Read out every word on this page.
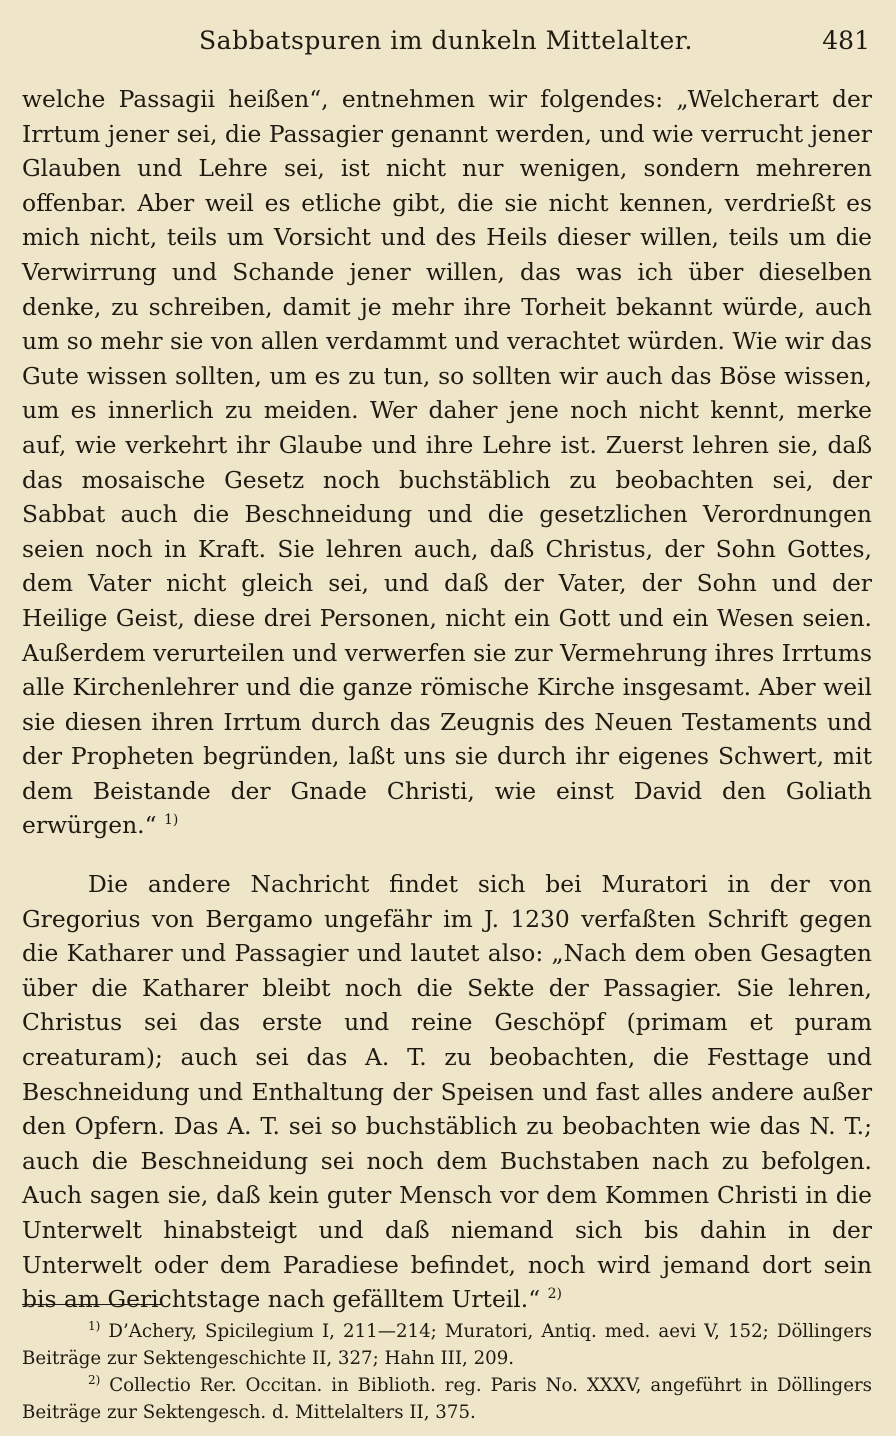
Sabbatspuren im dunkeln Mittelalter.	481

welche Passagii heißen“, entnehmen wir folgendes: „Welcherart der Irrtum jener sei, die Passagier genannt werden, und wie verrucht jener Glauben und Lehre sei, ist nicht nur wenigen, sondern mehreren offenbar. Aber weil es etliche gibt, die sie nicht kennen, verdrießt es mich nicht, teils um Vorsicht und des Heils dieser willen, teils um die Verwirrung und Schande jener willen, das was ich über dieselben denke, zu schreiben, damit je mehr ihre Torheit bekannt würde, auch um so mehr sie von allen verdammt und verachtet würden. Wie wir das Gute wissen sollten, um es zu tun, so sollten wir auch das Böse wissen, um es innerlich zu meiden. Wer daher jene noch nicht kennt, merke auf, wie verkehrt ihr Glaube und ihre Lehre ist. Zuerst lehren sie, daß das mosaische Gesetz noch buchstäblich zu beobachten sei, der Sabbat auch die Beschneidung und die gesetzlichen Verordnungen seien noch in Kraft. Sie lehren auch, daß Christus, der Sohn Gottes, dem Vater nicht gleich sei, und daß der Vater, der Sohn und der Heilige Geist, diese drei Personen, nicht ein Gott und ein Wesen seien. Außerdem verurteilen und verwerfen sie zur Vermehrung ihres Irrtums alle Kirchenlehrer und die ganze römische Kirche insgesamt. Aber weil sie diesen ihren Irrtum durch das Zeugnis des Neuen Testaments und der Propheten begründen, laßt uns sie durch ihr eigenes Schwert, mit dem Beistande der Gnade Christi, wie einst David den Goliath erwürgen.“ $^{1)}$

Die andere Nachricht findet sich bei Muratori in der von Gregorius von Bergamo ungefähr im J. 1230 verfaßten Schrift gegen die Katharer und Passagier und lautet also: „Nach dem oben Gesagten über die Katharer bleibt noch die Sekte der Passagier. Sie lehren, Christus sei das erste und reine Geschöpf (primam et puram creaturam); auch sei das A. T. zu beobachten, die Festtage und Beschneidung und Enthaltung der Speisen und fast alles andere außer den Opfern. Das A. T. sei so buchstäblich zu beobachten wie das N. T.; auch die Beschneidung sei noch dem Buchstaben nach zu befolgen. Auch sagen sie, daß kein guter Mensch vor dem Kommen Christi in die Unterwelt hinabsteigt und daß niemand sich bis dahin in der Unterwelt oder dem Paradiese befindet, noch wird jemand dort sein bis am Gerichtstage nach gefälltem Urteil.“ $^{2)}$

$^{1)}$ D’Achery, Spicilegium I, 211—214; Muratori, Antiq. med. aevi V, 152; Döllingers Beiträge zur Sektengeschichte II, 327; Hahn III, 209.

$^{2)}$ Collectio Rer. Occitan. in Biblioth. reg. Paris No. XXXV, angeführt in Döllingers Beiträge zur Sektengesch. d. Mittelalters II, 375.
